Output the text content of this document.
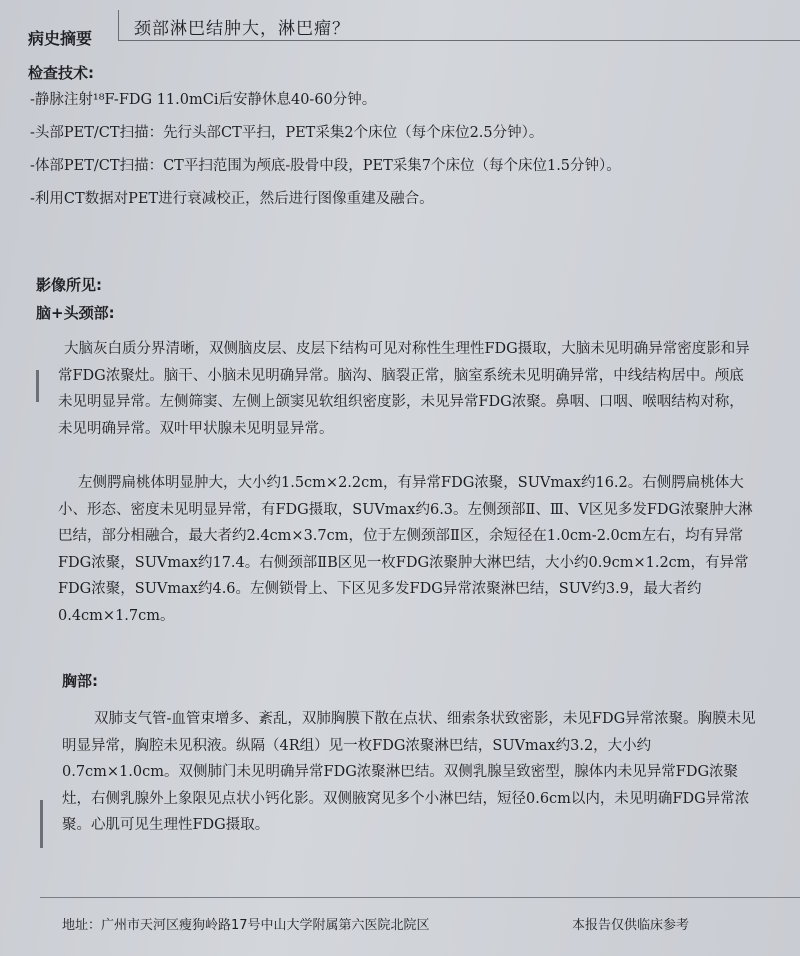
病史摘要 颈部淋巴结肿大，淋巴瘤？
检查技术:
-静脉注射¹⁸F-FDG 11.0mCi后安静休息40-60分钟。
-头部PET/CT扫描：先行头部CT平扫，PET采集2个床位（每个床位2.5分钟）。
-体部PET/CT扫描：CT平扫范围为颅底-股骨中段，PET采集7个床位（每个床位1.5分钟）。
-利用CT数据对PET进行衰减校正，然后进行图像重建及融合。
影像所见:
脑+头颈部:

大脑灰白质分界清晰，双侧脑皮层、皮层下结构可见对称性生理性FDG摄取，大脑未见明确异常密度影和异常FDG浓聚灶。脑干、小脑未见明确异常。脑沟、脑裂正常，脑室系统未见明确异常，中线结构居中。颅底未见明显异常。左侧筛窦、左侧上颌窦见软组织密度影，未见异常FDG浓聚。鼻咽、口咽、喉咽结构对称，未见明确异常。双叶甲状腺未见明显异常。

左侧腭扁桃体明显肿大，大小约1.5cm×2.2cm，有异常FDG浓聚，SUVmax约16.2。右侧腭扁桃体大小、形态、密度未见明显异常，有FDG摄取，SUVmax约6.3。左侧颈部Ⅱ、Ⅲ、Ⅴ区见多发FDG浓聚肿大淋巴结，部分相融合，最大者约2.4cm×3.7cm，位于左侧颈部Ⅱ区，余短径在1.0cm-2.0cm左右，均有异常FDG浓聚，SUVmax约17.4。右侧颈部ⅡB区见一枚FDG浓聚肿大淋巴结，大小约0.9cm×1.2cm，有异常FDG浓聚，SUVmax约4.6。左侧锁骨上、下区见多发FDG异常浓聚淋巴结，SUV约3.9，最大者约0.4cm×1.7cm。

胸部:

双肺支气管-血管束增多、紊乱，双肺胸膜下散在点状、细索条状致密影，未见FDG异常浓聚。胸膜未见明显异常，胸腔未见积液。纵隔（4R组）见一枚FDG浓聚淋巴结，SUVmax约3.2，大小约0.7cm×1.0cm。双侧肺门未见明确异常FDG浓聚淋巴结。双侧乳腺呈致密型，腺体内未见异常FDG浓聚灶，右侧乳腺外上象限见点状小钙化影。双侧腋窝见多个小淋巴结，短径0.6cm以内，未见明确FDG异常浓聚。心肌可见生理性FDG摄取。

地址：广州市天河区瘦狗岭路17号中山大学附属第六医院北院区	本报告仅供临床参考
